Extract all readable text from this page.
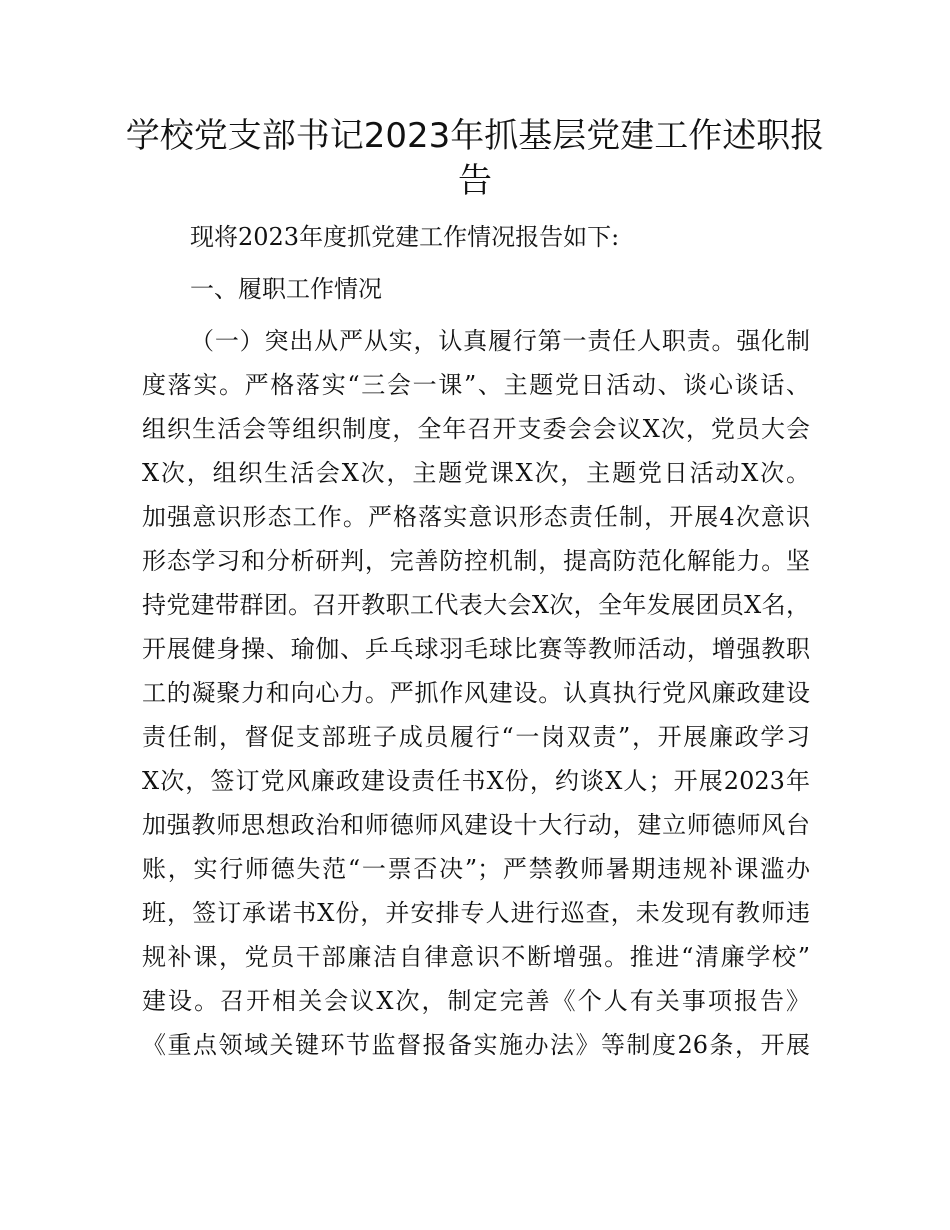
学校党支部书记2023年抓基层党建工作述职报
告
现将2023年度抓党建工作情况报告如下:
一、履职工作情况
（一）突出从严从实，认真履行第一责任人职责。强化制
度落实。严格落实“三会一课”、主题党日活动、谈心谈话、
组织生活会等组织制度，全年召开支委会会议X次，党员大会
X次，组织生活会X次，主题党课X次，主题党日活动X次。
加强意识形态工作。严格落实意识形态责任制，开展4次意识
形态学习和分析研判，完善防控机制，提高防范化解能力。坚
持党建带群团。召开教职工代表大会X次，全年发展团员X名，
开展健身操、瑜伽、乒乓球羽毛球比赛等教师活动，增强教职
工的凝聚力和向心力。严抓作风建设。认真执行党风廉政建设
责任制，督促支部班子成员履行“一岗双责”，开展廉政学习
X次，签订党风廉政建设责任书X份，约谈X人；开展2023年
加强教师思想政治和师德师风建设十大行动，建立师德师风台
账，实行师德失范“一票否决”；严禁教师暑期违规补课滥办
班，签订承诺书X份，并安排专人进行巡查，未发现有教师违
规补课，党员干部廉洁自律意识不断增强。推进“清廉学校”
建设。召开相关会议X次，制定完善《个人有关事项报告》
《重点领域关键环节监督报备实施办法》等制度26条，开展
